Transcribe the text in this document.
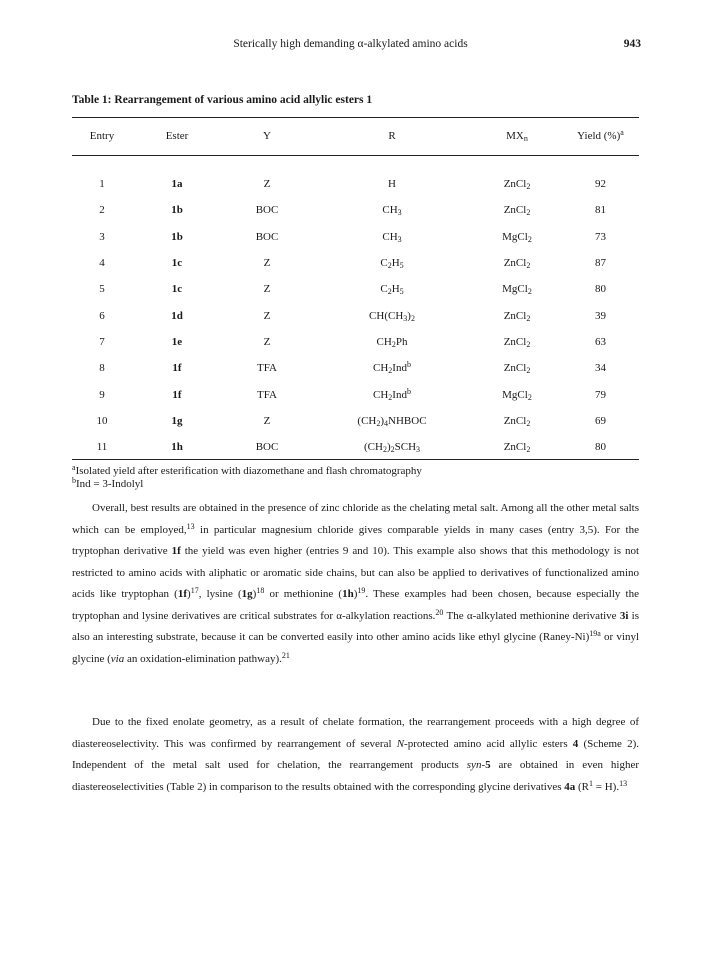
Sterically high demanding α-alkylated amino acids	943
Table 1: Rearrangement of various amino acid allylic esters 1
Entry	Ester	Y	R	$MX_n$	Yield (%)$^a$
1	1a	Z	H	ZnCl$_2$	92
2	1b	BOC	$CH_3$	ZnCl$_2$	81
3	1b	BOC	$CH_3$	MgCl$_2$	73
4	1c	Z	$C_2H_5$	ZnCl$_2$	87
5	1c	Z	$C_2H_5$	MgCl$_2$	80
6	1d	Z	$CH(CH_3)_2$	ZnCl$_2$	39
7	1e	Z	$CH_2Ph$	ZnCl$_2$	63
8	1f	TFA	$CH_2Ind^b$	ZnCl$_2$	34
9	1f	TFA	$CH_2Ind^b$	MgCl$_2$	79
10	1g	Z	$(CH_2)_4NHBOC$	ZnCl$_2$	69
11	1h	BOC	$(CH_2)_2SCH_3$	ZnCl$_2$	80
$^a$Isolated yield after esterification with diazomethane and flash chromatography
$^b$Ind = 3-Indolyl
Overall, best results are obtained in the presence of zinc chloride as the chelating metal salt. Among all the other metal salts which can be employed,$^{13}$ in particular magnesium chloride gives comparable yields in many cases (entry 3,5). For the tryptophan derivative 1f the yield was even higher (entries 9 and 10). This example also shows that this methodology is not restricted to amino acids with aliphatic or aromatic side chains, but can also be applied to derivatives of functionalized amino acids like tryptophan $(1f)^{17}$, lysine $(1g)^{18}$ or methionine $(1h)^{19}$. These examples had been chosen, because especially the tryptophan and lysine derivatives are critical substrates for α-alkylation reactions.$^{20}$ The α-alkylated methionine derivative 3i is also an interesting substrate, because it can be converted easily into other amino acids like ethyl glycine (Raney-Ni)$^{19a}$ or vinyl glycine (via an oxidation-elimination pathway).$^{21}$
Due to the fixed enolate geometry, as a result of chelate formation, the rearrangement proceeds with a high degree of diastereoselectivity. This was confirmed by rearrangement of several N-protected amino acid allylic esters 4 (Scheme 2). Independent of the metal salt used for chelation, the rearrangement products syn-5 are obtained in even higher diastereoselectivities (Table 2) in comparison to the results obtained with the corresponding glycine derivatives 4a $(R^1 = H).^{13}$
